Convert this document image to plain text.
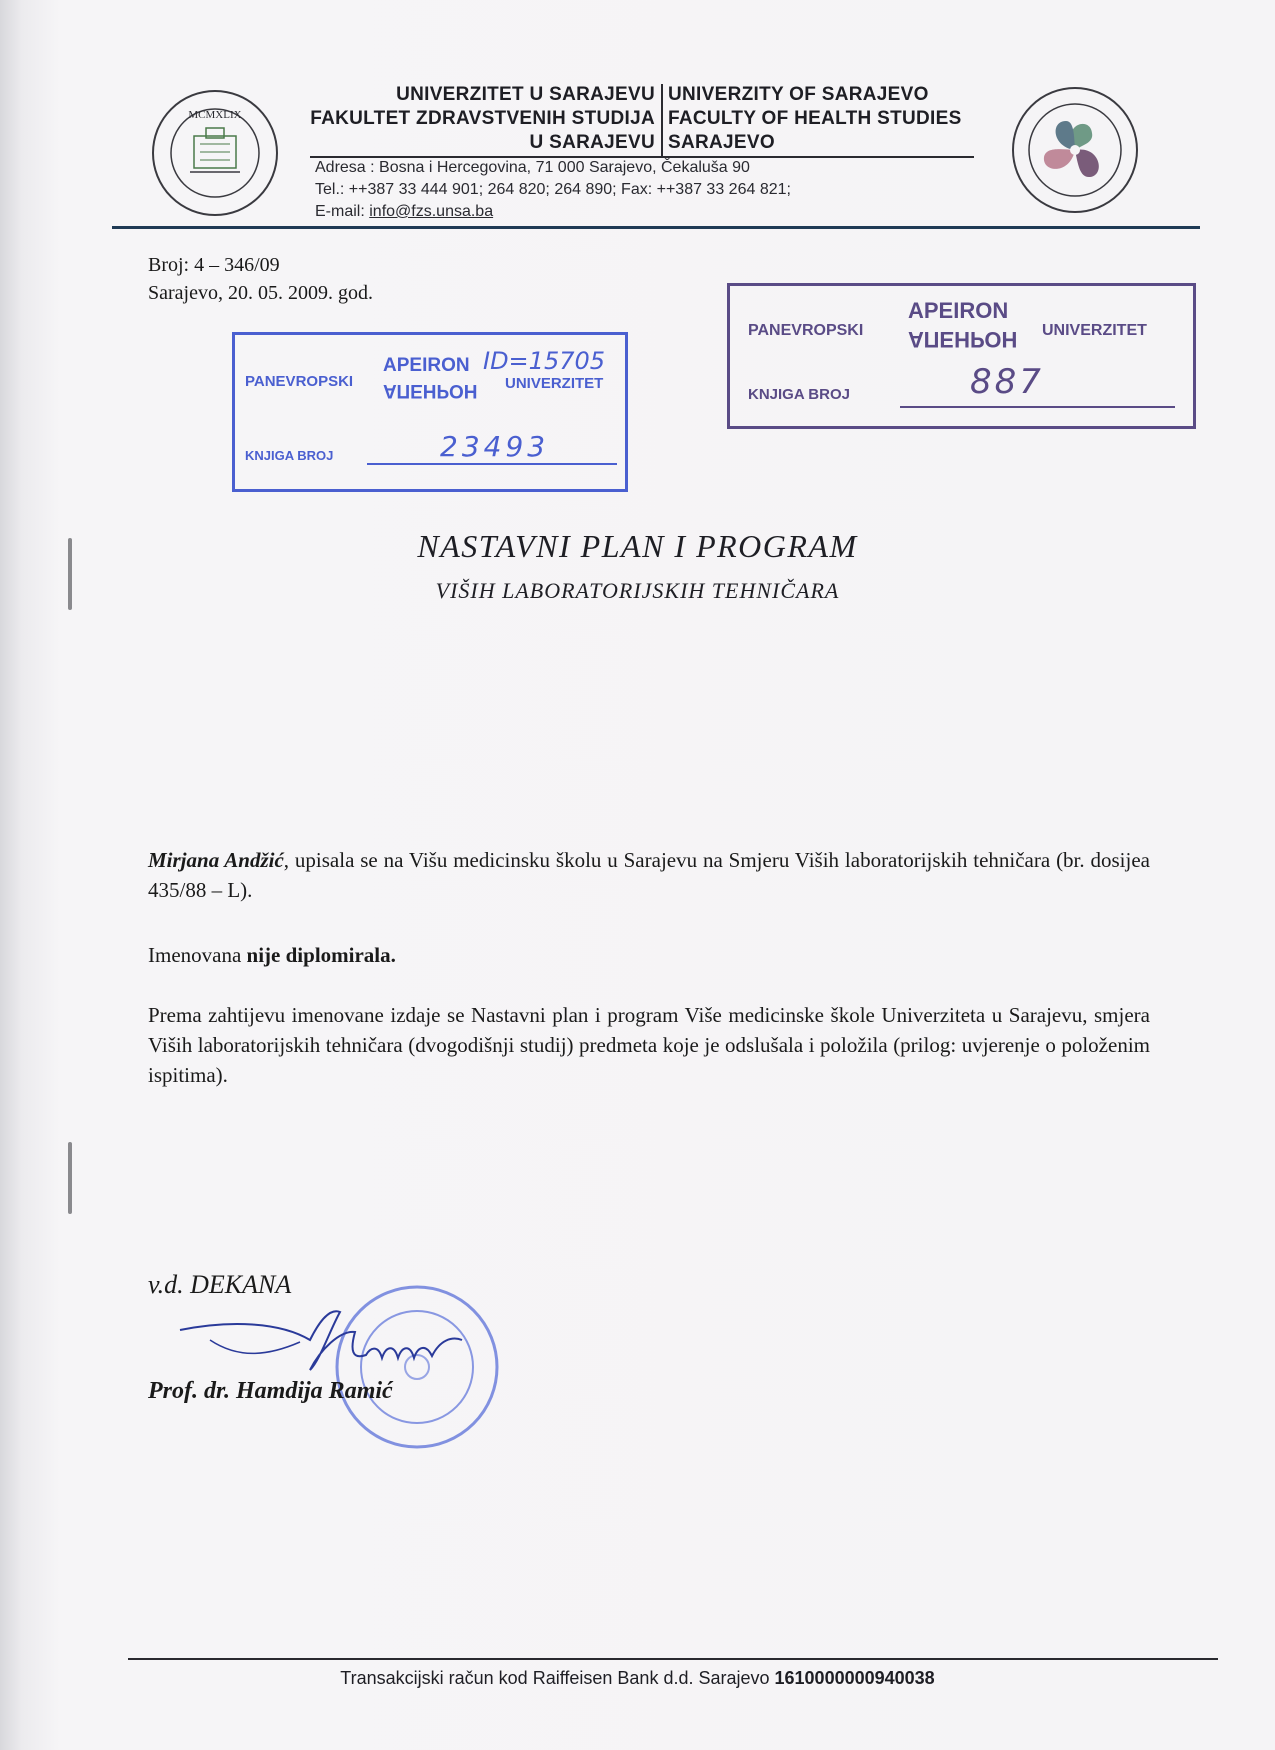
MCMXLIX
UNIVERZITET U SARAJEVU
FAKULTET ZDRAVSTVENIH STUDIJA
U SARAJEVU
UNIVERZITY OF SARAJEVO
FACULTY OF HEALTH STUDIES
SARAJEVO
Adresa : Bosna i Hercegovina, 71 000 Sarajevo, Čekaluša 90
Tel.: ++387 33 444 901; 264 820; 264 890; Fax: ++387 33 264 821;
E-mail: info@fzs.unsa.ba
Broj: 4 – 346/09
Sarajevo, 20. 05. 2009. god.
PANEVROPSKI
APEIRON
АПЕНРОН UNIVERZITET
ID=15705
KNJIGA BROJ	23493
PANEVROPSKI
APEIRON
АПЕНРОН UNIVERZITET
KNJIGA BROJ	887
NASTAVNI PLAN I PROGRAM
VIŠIH LABORATORIJSKIH TEHNIČARA
Mirjana Andžić, upisala se na Višu medicinsku školu u Sarajevu na Smjeru Viših laboratorijskih tehničara (br. dosijea 435/88 – L).
Imenovana nije diplomirala.
Prema zahtijevu imenovane izdaje se Nastavni plan i program Više medicinske škole Univerziteta u Sarajevu, smjera Viših laboratorijskih tehničara (dvogodišnji studij) predmeta koje je odslušala i položila (prilog: uvjerenje o položenim ispitima).
v.d. DEKANA
Prof. dr. Hamdija Ramić
Transakcijski račun kod Raiffeisen Bank d.d. Sarajevo 1610000000940038
